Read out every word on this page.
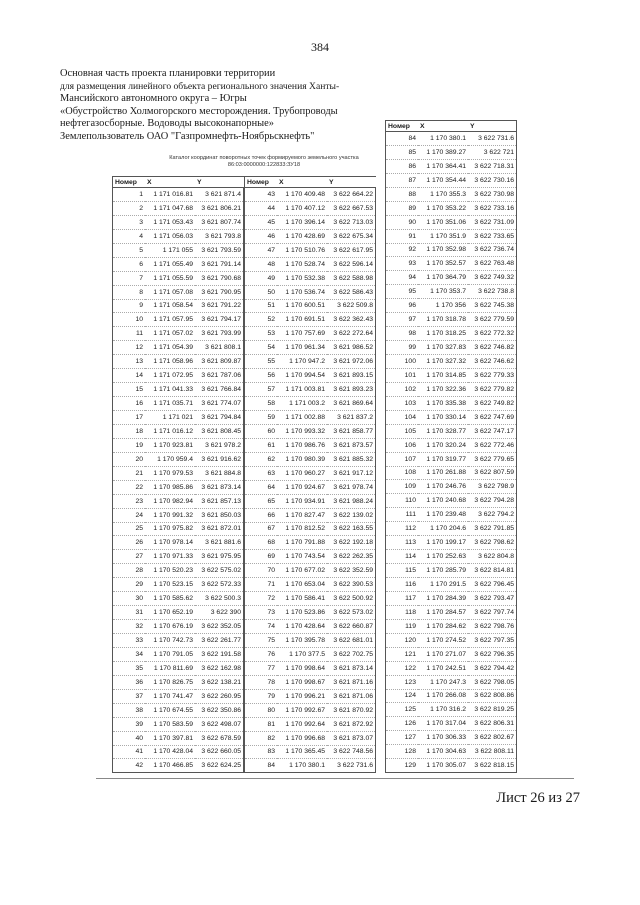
384
Основная часть проекта планировки территории
для размещения линейного объекта регионального значения Ханты-
Мансийского автономного округа – Югры
«Обустройство Холмогорского месторождения. Трубопроводы
нефтегазосборные. Водоводы высоконапорные»
Землепользователь ОАО "Газпромнефть-Ноябрьскнефть"
Каталог координат поворотных точек формируемого земельного участка
86:03:0000000:122833:ЗУ18
Номер	X	Y
1	1 171 016.81	3 621 871.4
2	1 171 047.68	3 621 806.21
3	1 171 053.43	3 621 807.74
4	1 171 056.03	3 621 793.8
5	1 171 055	3 621 793.59
6	1 171 055.49	3 621 791.14
7	1 171 055.59	3 621 790.68
8	1 171 057.08	3 621 790.95
9	1 171 058.54	3 621 791.22
10	1 171 057.95	3 621 794.17
11	1 171 057.02	3 621 793.99
12	1 171 054.39	3 621 808.1
13	1 171 058.96	3 621 809.87
14	1 171 072.95	3 621 787.06
15	1 171 041.33	3 621 766.84
16	1 171 035.71	3 621 774.07
17	1 171 021	3 621 794.84
18	1 171 016.12	3 621 808.45
19	1 170 923.81	3 621 978.2
20	1 170 959.4	3 621 916.62
21	1 170 979.53	3 621 884.8
22	1 170 985.86	3 621 873.14
23	1 170 982.94	3 621 857.13
24	1 170 991.32	3 621 850.03
25	1 170 975.82	3 621 872.01
26	1 170 978.14	3 621 881.6
27	1 170 971.33	3 621 975.95
28	1 170 520.23	3 622 575.02
29	1 170 523.15	3 622 572.33
30	1 170 585.62	3 622 500.3
31	1 170 652.19	3 622 390
32	1 170 676.19	3 622 352.05
33	1 170 742.73	3 622 261.77
34	1 170 791.05	3 622 191.58
35	1 170 811.69	3 622 162.98
36	1 170 826.75	3 622 138.21
37	1 170 741.47	3 622 260.95
38	1 170 674.55	3 622 350.86
39	1 170 583.59	3 622 498.07
40	1 170 397.81	3 622 678.59
41	1 170 428.04	3 622 660.05
42	1 170 466.85	3 622 624.25
Номер	X	Y
43	1 170 409.48	3 622 664.22
44	1 170 407.12	3 622 667.53
45	1 170 396.14	3 622 713.03
46	1 170 428.69	3 622 675.34
47	1 170 510.76	3 622 617.95
48	1 170 528.74	3 622 596.14
49	1 170 532.38	3 622 588.98
50	1 170 536.74	3 622 586.43
51	1 170 600.51	3 622 509.8
52	1 170 691.51	3 622 362.43
53	1 170 757.69	3 622 272.64
54	1 170 961.34	3 621 986.52
55	1 170 947.2	3 621 972.06
56	1 170 994.54	3 621 893.15
57	1 171 003.81	3 621 893.23
58	1 171 003.2	3 621 869.64
59	1 171 002.88	3 621 837.2
60	1 170 993.32	3 621 858.77
61	1 170 986.76	3 621 873.57
62	1 170 980.39	3 621 885.32
63	1 170 960.27	3 621 917.12
64	1 170 924.67	3 621 978.74
65	1 170 934.91	3 621 988.24
66	1 170 827.47	3 622 139.02
67	1 170 812.52	3 622 163.55
68	1 170 791.88	3 622 192.18
69	1 170 743.54	3 622 262.35
70	1 170 677.02	3 622 352.59
71	1 170 653.04	3 622 390.53
72	1 170 586.41	3 622 500.92
73	1 170 523.86	3 622 573.02
74	1 170 428.64	3 622 660.87
75	1 170 395.78	3 622 681.01
76	1 170 377.5	3 622 702.75
77	1 170 998.64	3 621 873.14
78	1 170 998.67	3 621 871.16
79	1 170 996.21	3 621 871.06
80	1 170 992.67	3 621 870.92
81	1 170 992.64	3 621 872.92
82	1 170 996.68	3 621 873.07
83	1 170 365.45	3 622 748.56
84	1 170 380.1	3 622 731.6
Номер	X	Y
84	1 170 380.1	3 622 731.6
85	1 170 389.27	3 622 721
86	1 170 364.41	3 622 718.31
87	1 170 354.44	3 622 730.16
88	1 170 355.3	3 622 730.98
89	1 170 353.22	3 622 733.16
90	1 170 351.06	3 622 731.09
91	1 170 351.9	3 622 733.65
92	1 170 352.98	3 622 736.74
93	1 170 352.57	3 622 763.48
94	1 170 364.79	3 622 749.32
95	1 170 353.7	3 622 738.8
96	1 170 356	3 622 745.38
97	1 170 318.78	3 622 779.59
98	1 170 318.25	3 622 772.32
99	1 170 327.83	3 622 746.82
100	1 170 327.32	3 622 746.62
101	1 170 314.85	3 622 779.33
102	1 170 322.36	3 622 779.82
103	1 170 335.38	3 622 749.82
104	1 170 330.14	3 622 747.69
105	1 170 328.77	3 622 747.17
106	1 170 320.24	3 622 772.46
107	1 170 319.77	3 622 779.65
108	1 170 261.88	3 622 807.59
109	1 170 246.76	3 622 798.9
110	1 170 240.68	3 622 794.28
111	1 170 239.48	3 622 794.2
112	1 170 204.6	3 622 791.85
113	1 170 199.17	3 622 798.62
114	1 170 252.63	3 622 804.8
115	1 170 285.79	3 622 814.81
116	1 170 291.5	3 622 796.45
117	1 170 284.39	3 622 793.47
118	1 170 284.57	3 622 797.74
119	1 170 284.62	3 622 798.76
120	1 170 274.52	3 622 797.35
121	1 170 271.07	3 622 796.35
122	1 170 242.51	3 622 794.42
123	1 170 247.3	3 622 798.05
124	1 170 266.08	3 622 808.86
125	1 170 316.2	3 622 819.25
126	1 170 317.04	3 622 806.31
127	1 170 306.33	3 622 802.67
128	1 170 304.63	3 622 808.11
129	1 170 305.07	3 622 818.15
Лист 26 из 27
